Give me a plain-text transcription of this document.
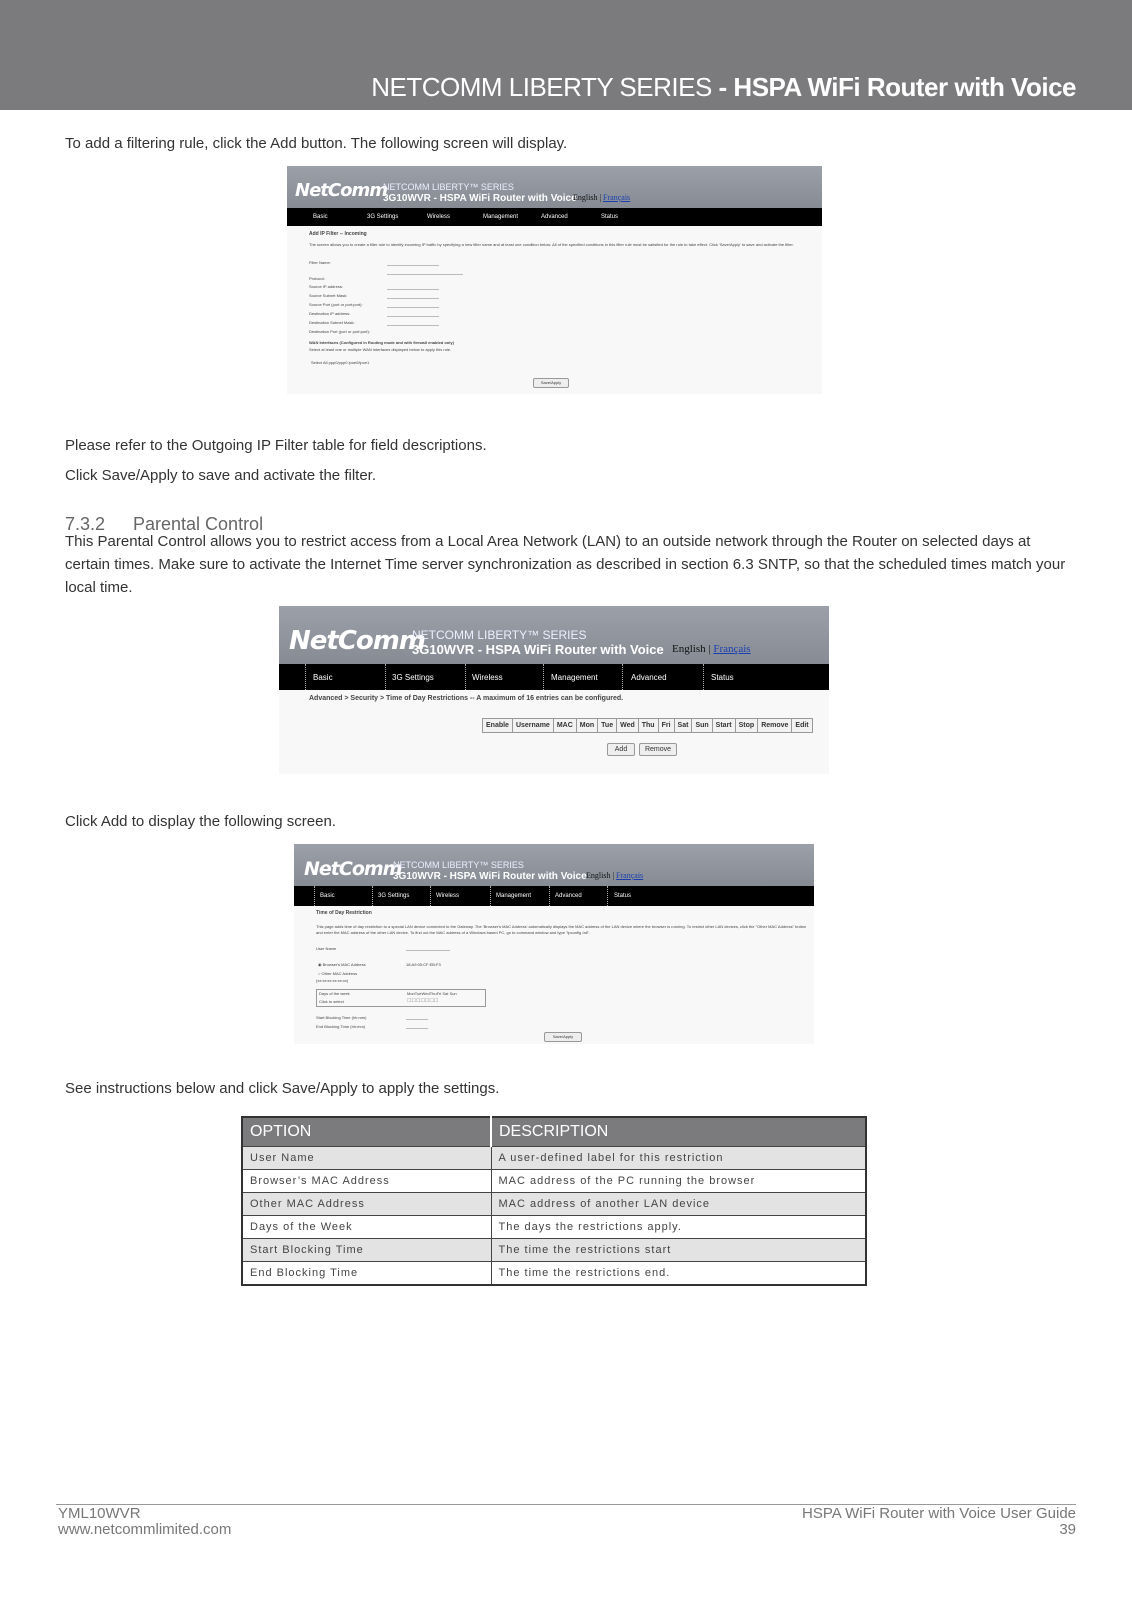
NETCOMM LIBERTY SERIES - HSPA WiFi Router with Voice
To add a filtering rule, click the Add button. The following screen will display.
NetComm
NETCOMM LIBERTY™ SERIES
3G10WVR - HSPA WiFi Router with Voice
English | Français
Basic	3G Settings	Wireless	Management	Advanced	Status
Add IP Filter -- Incoming
The screen allows you to create a filter rule to identify incoming IP traffic by specifying a new filter name and at least one condition below. All of the specified conditions in this filter rule must be satisfied for the rule to take effect. Click 'Save/Apply' to save and activate the filter.
Filter Name:
Protocol:
Source IP address:
Source Subnet Mask:
Source Port (port or port:port):
Destination IP address:
Destination Subnet Mask:
Destination Port (port or port:port):
WAN Interfaces (Configured in Routing mode and with firewall enabled only)
Select at least one or multiple WAN interfaces displayed below to apply this rule.
Select All ppp0/ppp0 ipoe0/ipoe1
Save/Apply
Please refer to the Outgoing IP Filter table for field descriptions.
Click Save/Apply to save and activate the filter.
7.3.2 Parental Control
This Parental Control allows you to restrict access from a Local Area Network (LAN) to an outside network through the Router on selected days at certain times. Make sure to activate the Internet Time server synchronization as described in section 6.3 SNTP, so that the scheduled times match your local time.
NetComm
NETCOMM LIBERTY™ SERIES
3G10WVR - HSPA WiFi Router with Voice English | Français
Basic	3G Settings	Wireless	Management	Advanced	Status
Advanced > Security > Time of Day Restrictions -- A maximum of 16 entries can be configured.
Enable	Username	MAC	Mon	Tue	Wed	Thu	Fri	Sat	Sun	Start	Stop	Remove	Edit
Add	Remove
Click Add to display the following screen.
NetComm
NETCOMM LIBERTY™ SERIES
3G10WVR - HSPA WiFi Router with Voice English | Français
Basic	3G Settings	Wireless	Management	Advanced	Status
Time of Day Restriction
This page adds time of day restriction to a special LAN device connected to the Gateway. The 'Browser's MAC Address' automatically displays the MAC address of the LAN device where the browser is running. To restrict other LAN devices, click the "Other MAC Address" button and enter the MAC address of the other LAN device. To find out the MAC address of a Windows based PC, go to command window and type "ipconfig /all".
User Name
◉ Browser's MAC Address	18:A9:05:CF:EB:F3
○ Other MAC Address
(xx:xx:xx:xx:xx:xx)
Days of the week
Click to select
MonTueWedThuFri Sat Sun
☐☐☐☐☐☐☐
Start Blocking Time (hh:mm)
End Blocking Time (hh:mm)
Save/Apply
See instructions below and click Save/Apply to apply the settings.
OPTION	DESCRIPTION
User Name	A user-defined label for this restriction
Browser’s MAC Address	MAC address of the PC running the browser
Other MAC Address	MAC address of another LAN device
Days of the Week	The days the restrictions apply.
Start Blocking Time	The time the restrictions start
End Blocking Time	The time the restrictions end.
YML10WVR
www.netcommlimited.com
HSPA WiFi Router with Voice User Guide
39
